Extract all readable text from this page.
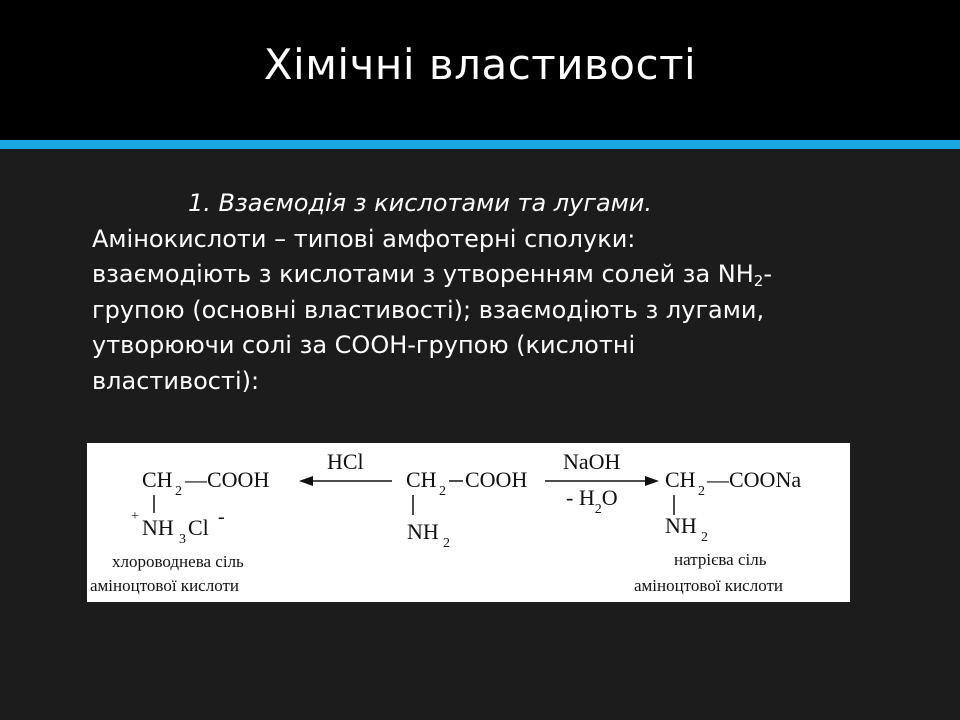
Хімічні властивості
1. Взаємодія з кислотами та лугами.
Амінокислоти – типові амфотерні сполуки:
взаємодіють з кислотами з утворенням солей за $NH_2-$
групою (основні властивості); взаємодіють з лугами,
утворюючи солі за COOH-групою (кислотні
властивості):
CH 2 —COOH
+ NH 3 Cl -
хлороводнева сіль
аміноцтової кислоти
HCl
CH 2 COOH
NH 2
NaOH
- $H_2O$
CH 2 —COONa
NH 2
натрієва сіль
аміноцтової кислоти
